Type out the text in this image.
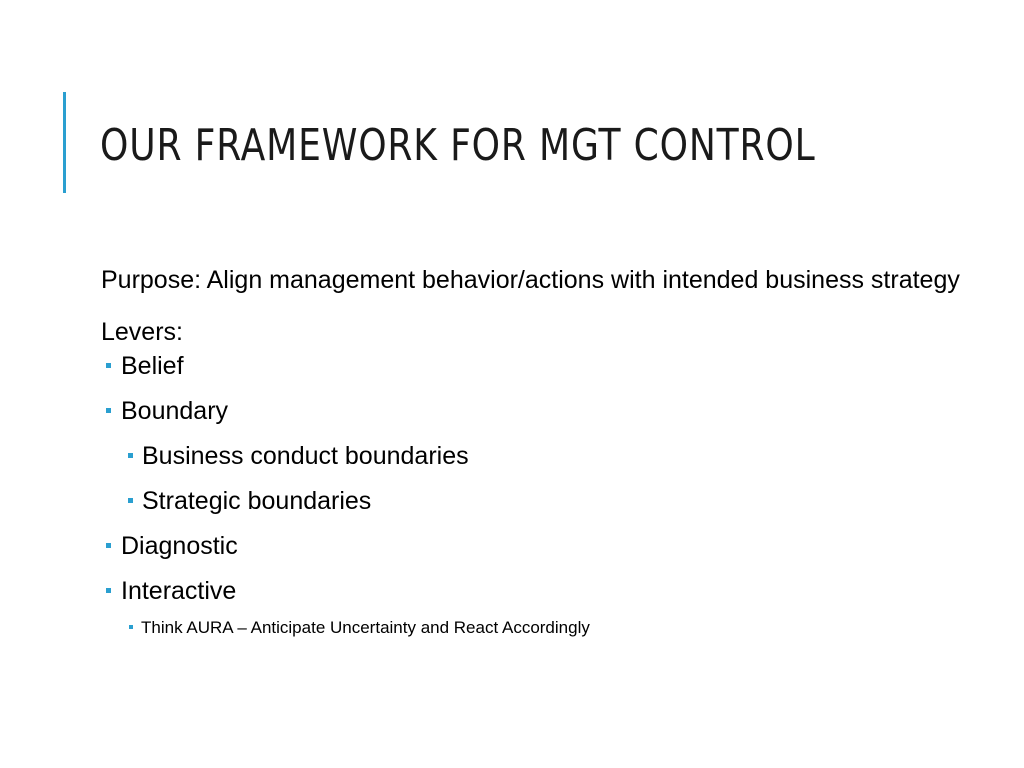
OUR FRAMEWORK FOR MGT CONTROL

Purpose: Align management behavior/actions with intended business strategy

Levers:

Belief
Boundary
Business conduct boundaries
Strategic boundaries
Diagnostic
Interactive
Think AURA – Anticipate Uncertainty and React Accordingly
